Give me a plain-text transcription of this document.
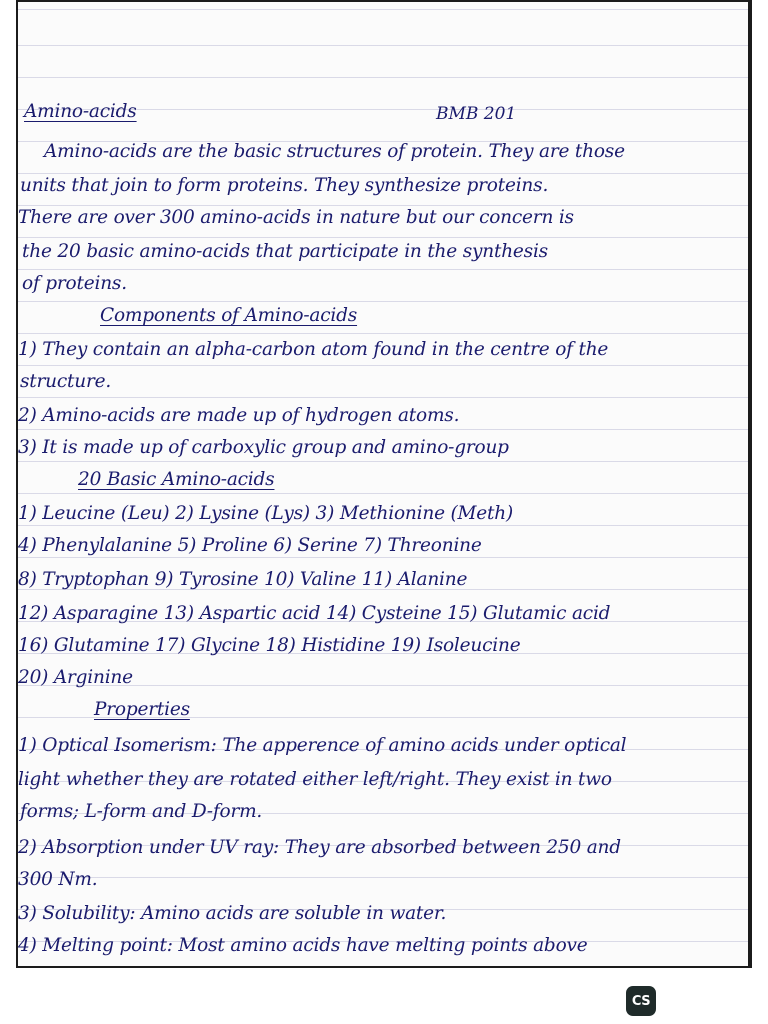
Amino-acids	BMB 201
Amino-acids are the basic structures of protein. They are those
units that join to form proteins. They synthesize proteins.
There are over 300 amino-acids in nature but our concern is
the 20 basic amino-acids that participate in the synthesis
of proteins.
Components of Amino-acids
1) They contain an alpha-carbon atom found in the centre of the
structure.
2) Amino-acids are made up of hydrogen atoms.
3) It is made up of carboxylic group and amino-group
20 Basic Amino-acids
1) Leucine (Leu) 2) Lysine (Lys) 3) Methionine (Meth)
4) Phenylalanine 5) Proline 6) Serine 7) Threonine
8) Tryptophan 9) Tyrosine 10) Valine 11) Alanine
12) Asparagine 13) Aspartic acid 14) Cysteine 15) Glutamic acid
16) Glutamine 17) Glycine 18) Histidine 19) Isoleucine
20) Arginine
Properties
1) Optical Isomerism: The apperence of amino acids under optical
light whether they are rotated either left/right. They exist in two
forms; L-form and D-form.
2) Absorption under UV ray: They are absorbed between 250 and
300 Nm.
3) Solubility: Amino acids are soluble in water.
4) Melting point: Most amino acids have melting points above
CS
